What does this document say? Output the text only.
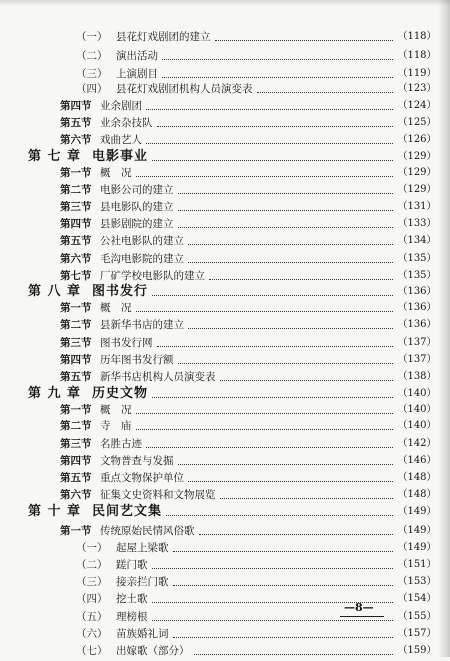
（一） 县花灯戏剧团的建立	（118）
（二） 演出活动	（118）
（三） 上演剧目	（119）
（四） 县花灯戏剧团机构人员演变表	（123）
第四节 业余剧团	（124）
第五节 业余杂技队	（125）
第六节 戏曲艺人	（126）
第 七 章 电影事业	（129）
第一节 概　况	（129）
第二节 电影公司的建立	（129）
第三节 县电影队的建立	（131）
第四节 县影剧院的建立	（133）
第五节 公社电影队的建立	（134）
第六节 毛沟电影院的建立	（135）
第七节 厂矿学校电影队的建立	（135）
第 八 章 图书发行	（136）
第一节 概　况	（136）
第二节 县新华书店的建立	（136）
第三节 图书发行网	（137）
第四节 历年图书发行额	（137）
第五节 新华书店机构人员演变表	（138）
第 九 章 历史文物	（140）
第一节 概　况	（140）
第二节 寺　庙	（140）
第三节 名胜古迹	（142）
第四节 文物普查与发掘	（146）
第五节 重点文物保护单位	（148）
第六节 征集文史资料和文物展览	（148）
第 十 章 民间艺文集	（149）
第一节 传统原始民情风俗歌	（149）
（一） 起屋上梁歌	（149）
（二） 蹉门歌	（151）
（三） 接亲拦门歌	（153）
（四） 挖土歌	（154）
（五） 理榜根	（155）
（六） 苗族婚礼词	（157）
（七） 出嫁歌（部分）	（159）
—8—
